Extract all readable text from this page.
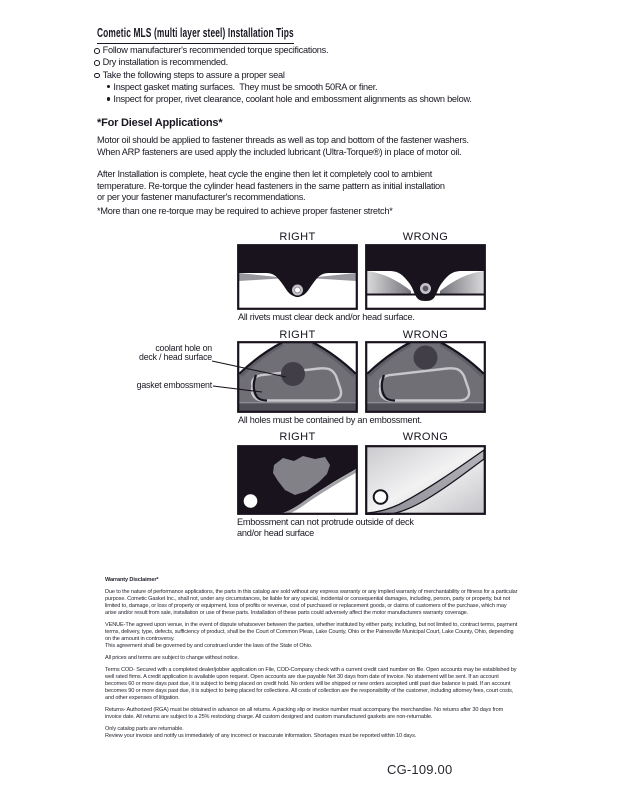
Cometic MLS (multi layer steel) Installation Tips
Follow manufacturer's recommended torque specifications.
Dry installation is recommended.
Take the following steps to assure a proper seal
Inspect gasket mating surfaces.  They must be smooth 50RA or finer.
Inspect for proper, rivet clearance, coolant hole and embossment alignments as shown below.
*For Diesel Applications*
Motor oil should be applied to fastener threads as well as top and bottom of the fastener washers.
When ARP fasteners are used apply the included lubricant (Ultra-Torque®) in place of motor oil.
After Installation is complete, heat cycle the engine then let it completely cool to ambient
temperature. Re-torque the cylinder head fasteners in the same pattern as initial installation
or per your fastener manufacturer's recommendations.
*More than one re-torque may be required to achieve proper fastener stretch*
RIGHT	WRONG
All rivets must clear deck and/or head surface.
RIGHT	WRONG
coolant hole on
deck / head surface
gasket embossment
All holes must be contained by an embossment.
RIGHT	WRONG
Embossment can not protrude outside of deck and/or head surface
Warranty Disclaimer*

Due to the nature of performance applications, the parts in this catalog are sold without any express warranty or any implied warranty of merchantability or fitness for a particular purpose. Cometic Gasket Inc., shall not, under any circumstances, be liable for any special, incidental or consequential damages, including, person, party or property, but not limited to, damage, or loss of property or equipment, loss of profits or revenue, cost of purchased or replacement goods, or claims of customers of the purchase, which may arise and/or result from sale, installation or use of these parts. Installation of these parts could adversely affect the motor manufacturers warranty coverage.

VENUE-The agreed upon venue, in the event of dispute whatsoever between the parties, whether instituted by either party, including, but not limited to, contract terms, payment terms, delivery, type, defects, sufficiency of product, shall be the Court of Common Pleas, Lake County, Ohio or the Painesville Municipal Court, Lake County, Ohio, depending on the amount in controversy.

This agreement shall be governed by and construed under the laws of the State of Ohio.

All prices and terms are subject to change without notice.

Terms COD- Secured with a completed dealer/jobber application on File, COD-Company check with a current credit card number on file. Open accounts may be established by well rated firms. A credit application is available upon request. Open accounts are due payable Net 30 days from date of invoice. No statement will be sent. If an account becomes 60 or more days past due, it is subject to being placed on credit hold. No orders will be shipped or new orders accepted until past due balance is paid. If an account becomes 90 or more days past due, it is subject to being placed for collections. All costs of collection are the responsibility of the customer, including attorney fees, court costs, and other expenses of litigation.

Returns- Authorized (RGA) must be obtained in advance on all returns. A packing slip or invoice number must accompany the merchandise. No returns after 30 days from invoice date. All returns are subject to a 25% restocking charge. All custom designed and custom manufactured gaskets are non-returnable.

Only catalog parts are returnable.

Review your invoice and notify us immediately of any incorrect or inaccurate information. Shortages must be reported within 10 days.

CG-109.00
